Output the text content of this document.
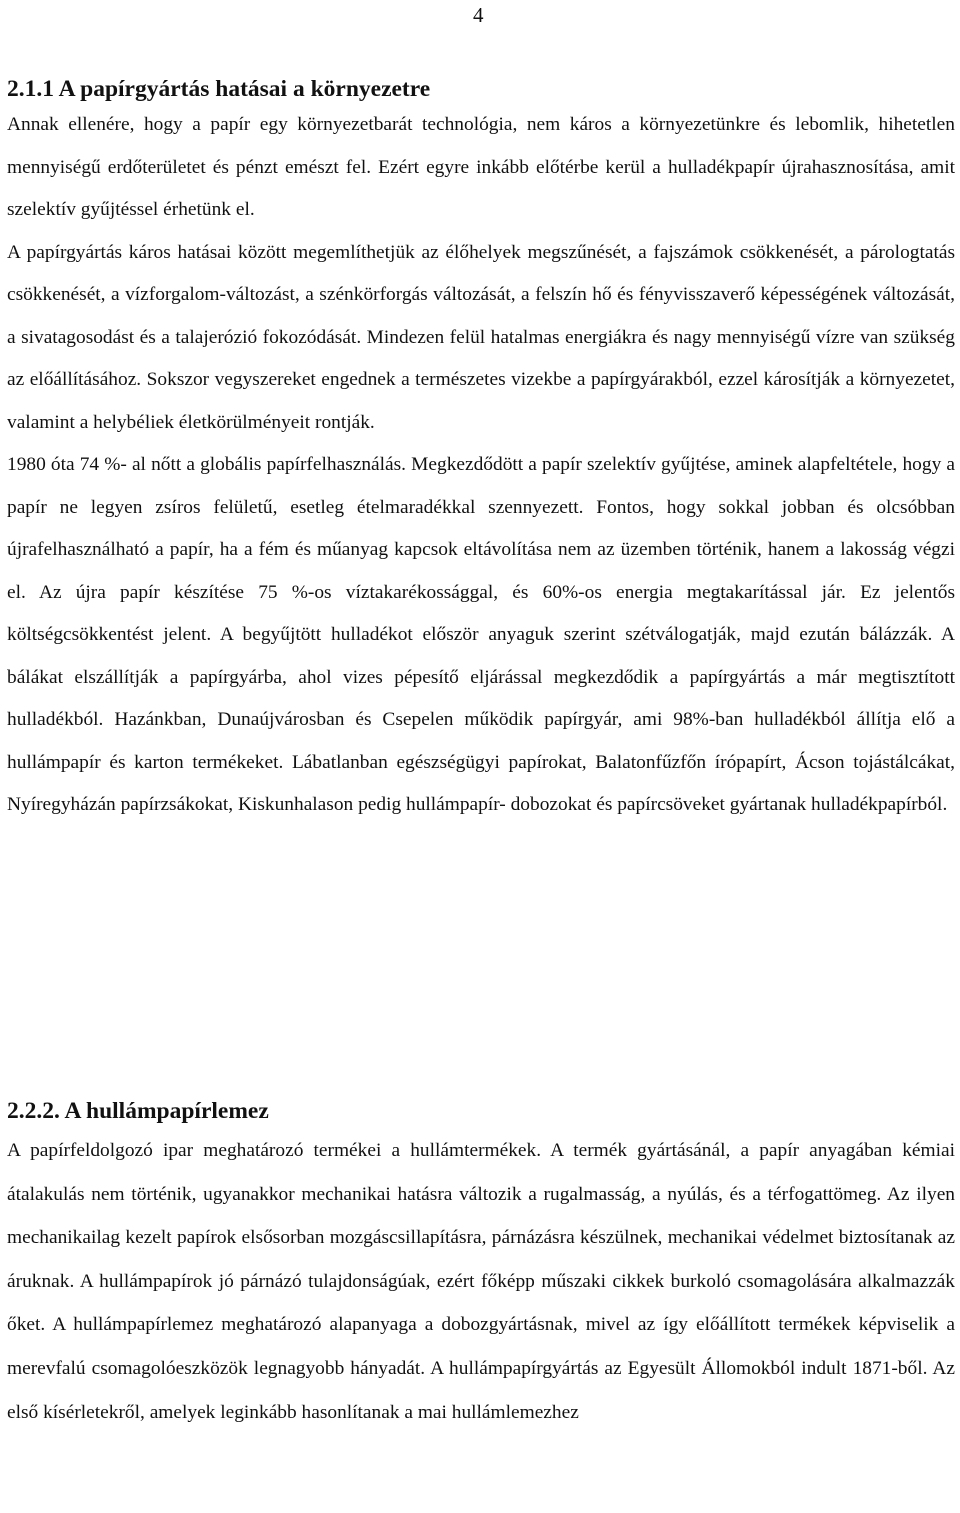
4
2.1.1 A papírgyártás hatásai a környezetre

Annak ellenére, hogy a papír egy környezetbarát technológia, nem káros a környezetünkre és lebomlik, hihetetlen mennyiségű erdőterületet és pénzt emészt fel. Ezért egyre inkább előtérbe kerül a hulladékpapír újrahasznosítása, amit szelektív gyűjtéssel érhetünk el.

A papírgyártás káros hatásai között megemlíthetjük az élőhelyek megszűnését, a fajszámok csökkenését, a párologtatás csökkenését, a vízforgalom-változást, a szénkörforgás változását, a felszín hő és fényvisszaverő képességének változását, a sivatagosodást és a talajerózió fokozódását. Mindezen felül hatalmas energiákra és nagy mennyiségű vízre van szükség az előállításához. Sokszor vegyszereket engednek a természetes vizekbe a papírgyárakból, ezzel károsítják a környezetet, valamint a helybéliek életkörülményeit rontják.

1980 óta 74 %- al nőtt a globális papírfelhasználás. Megkezdődött a papír szelektív gyűjtése, aminek alapfeltétele, hogy a papír ne legyen zsíros felületű, esetleg ételmaradékkal szennyezett. Fontos, hogy sokkal jobban és olcsóbban újrafelhasználható a papír, ha a fém és műanyag kapcsok eltávolítása nem az üzemben történik, hanem a lakosság végzi el. Az újra papír készítése 75 %-os víztakarékossággal, és 60%-os energia megtakarítással jár. Ez jelentős költségcsökkentést jelent. A begyűjtött hulladékot először anyaguk szerint szétválogatják, majd ezután bálázzák. A bálákat elszállítják a papírgyárba, ahol vizes pépesítő eljárással megkezdődik a papírgyártás a már megtisztított hulladékból. Hazánkban, Dunaújvárosban és Csepelen működik papírgyár, ami 98%-ban hulladékból állítja elő a hullámpapír és karton termékeket. Lábatlanban egészségügyi papírokat, Balatonfűzfőn írópapírt, Ácson tojástálcákat, Nyíregyházán papírzsákokat, Kiskunhalason pedig hullámpapír- dobozokat és papírcsöveket gyártanak hulladékpapírból.

2.2.2. A hullámpapírlemez

A papírfeldolgozó ipar meghatározó termékei a hullámtermékek. A termék gyártásánál, a papír anyagában kémiai átalakulás nem történik, ugyanakkor mechanikai hatásra változik a rugalmasság, a nyúlás, és a térfogattömeg. Az ilyen mechanikailag kezelt papírok elsősorban mozgáscsillapításra, párnázásra készülnek, mechanikai védelmet biztosítanak az áruknak. A hullámpapírok jó párnázó tulajdonságúak, ezért főképp műszaki cikkek burkoló csomagolására alkalmazzák őket. A hullámpapírlemez meghatározó alapanyaga a dobozgyártásnak, mivel az így előállított termékek képviselik a merevfalú csomagolóeszközök legnagyobb hányadát. A hullámpapírgyártás az Egyesült Állomokból indult 1871-ből. Az első kísérletekről, amelyek leginkább hasonlítanak a mai hullámlemezhez
